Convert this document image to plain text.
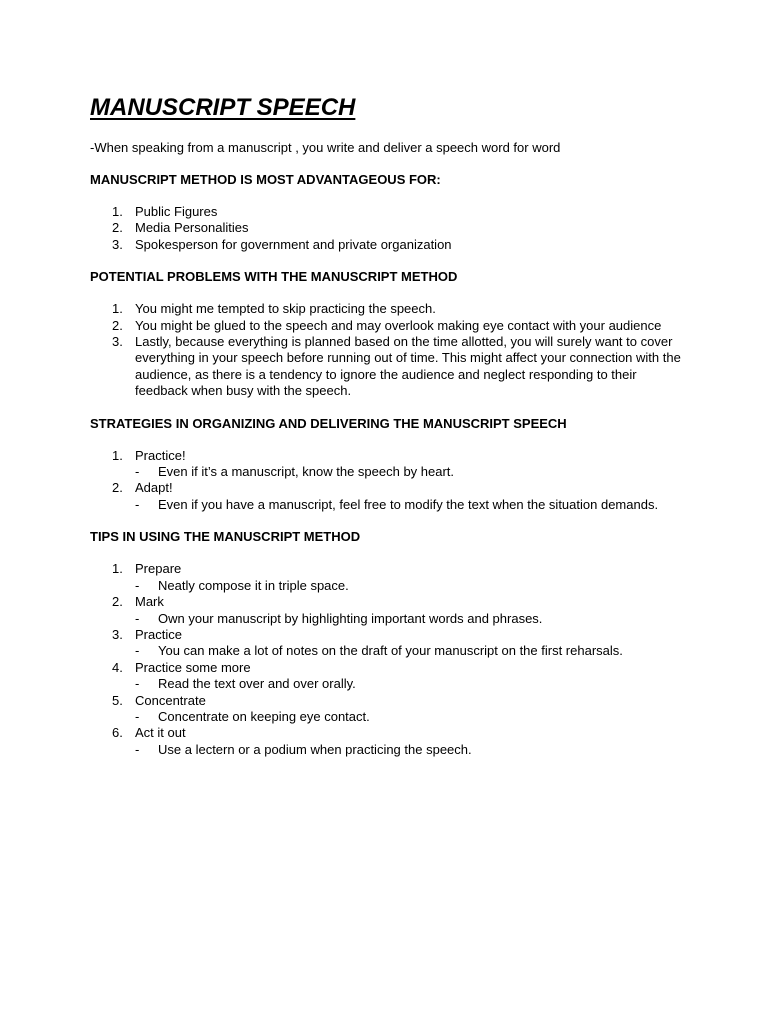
MANUSCRIPT SPEECH

-When speaking from a manuscript , you write and deliver a speech word for word

MANUSCRIPT METHOD IS MOST ADVANTAGEOUS FOR:
1. Public Figures
2. Media Personalities
3. Spokesperson for government and private organization
POTENTIAL PROBLEMS WITH THE MANUSCRIPT METHOD
1. You might me tempted to skip practicing the speech.
2. You might be glued to the speech and may overlook making eye contact with your audience
3. Lastly, because everything is planned based on the time allotted, you will surely want to cover everything in your speech before running out of time. This might affect your connection with the audience, as there is a tendency to ignore the audience and neglect responding to their feedback when busy with the speech.
STRATEGIES IN ORGANIZING AND DELIVERING THE MANUSCRIPT SPEECH
1. Practice!
- Even if it’s a manuscript, know the speech by heart.
2. Adapt!
- Even if you have a manuscript, feel free to modify the text when the situation demands.
TIPS IN USING THE MANUSCRIPT METHOD
1. Prepare
- Neatly compose it in triple space.
2. Mark
- Own your manuscript by highlighting important words and phrases.
3. Practice
- You can make a lot of notes on the draft of your manuscript on the first reharsals.
4. Practice some more
- Read the text over and over orally.
5. Concentrate
- Concentrate on keeping eye contact.
6. Act it out
- Use a lectern or a podium when practicing the speech.
